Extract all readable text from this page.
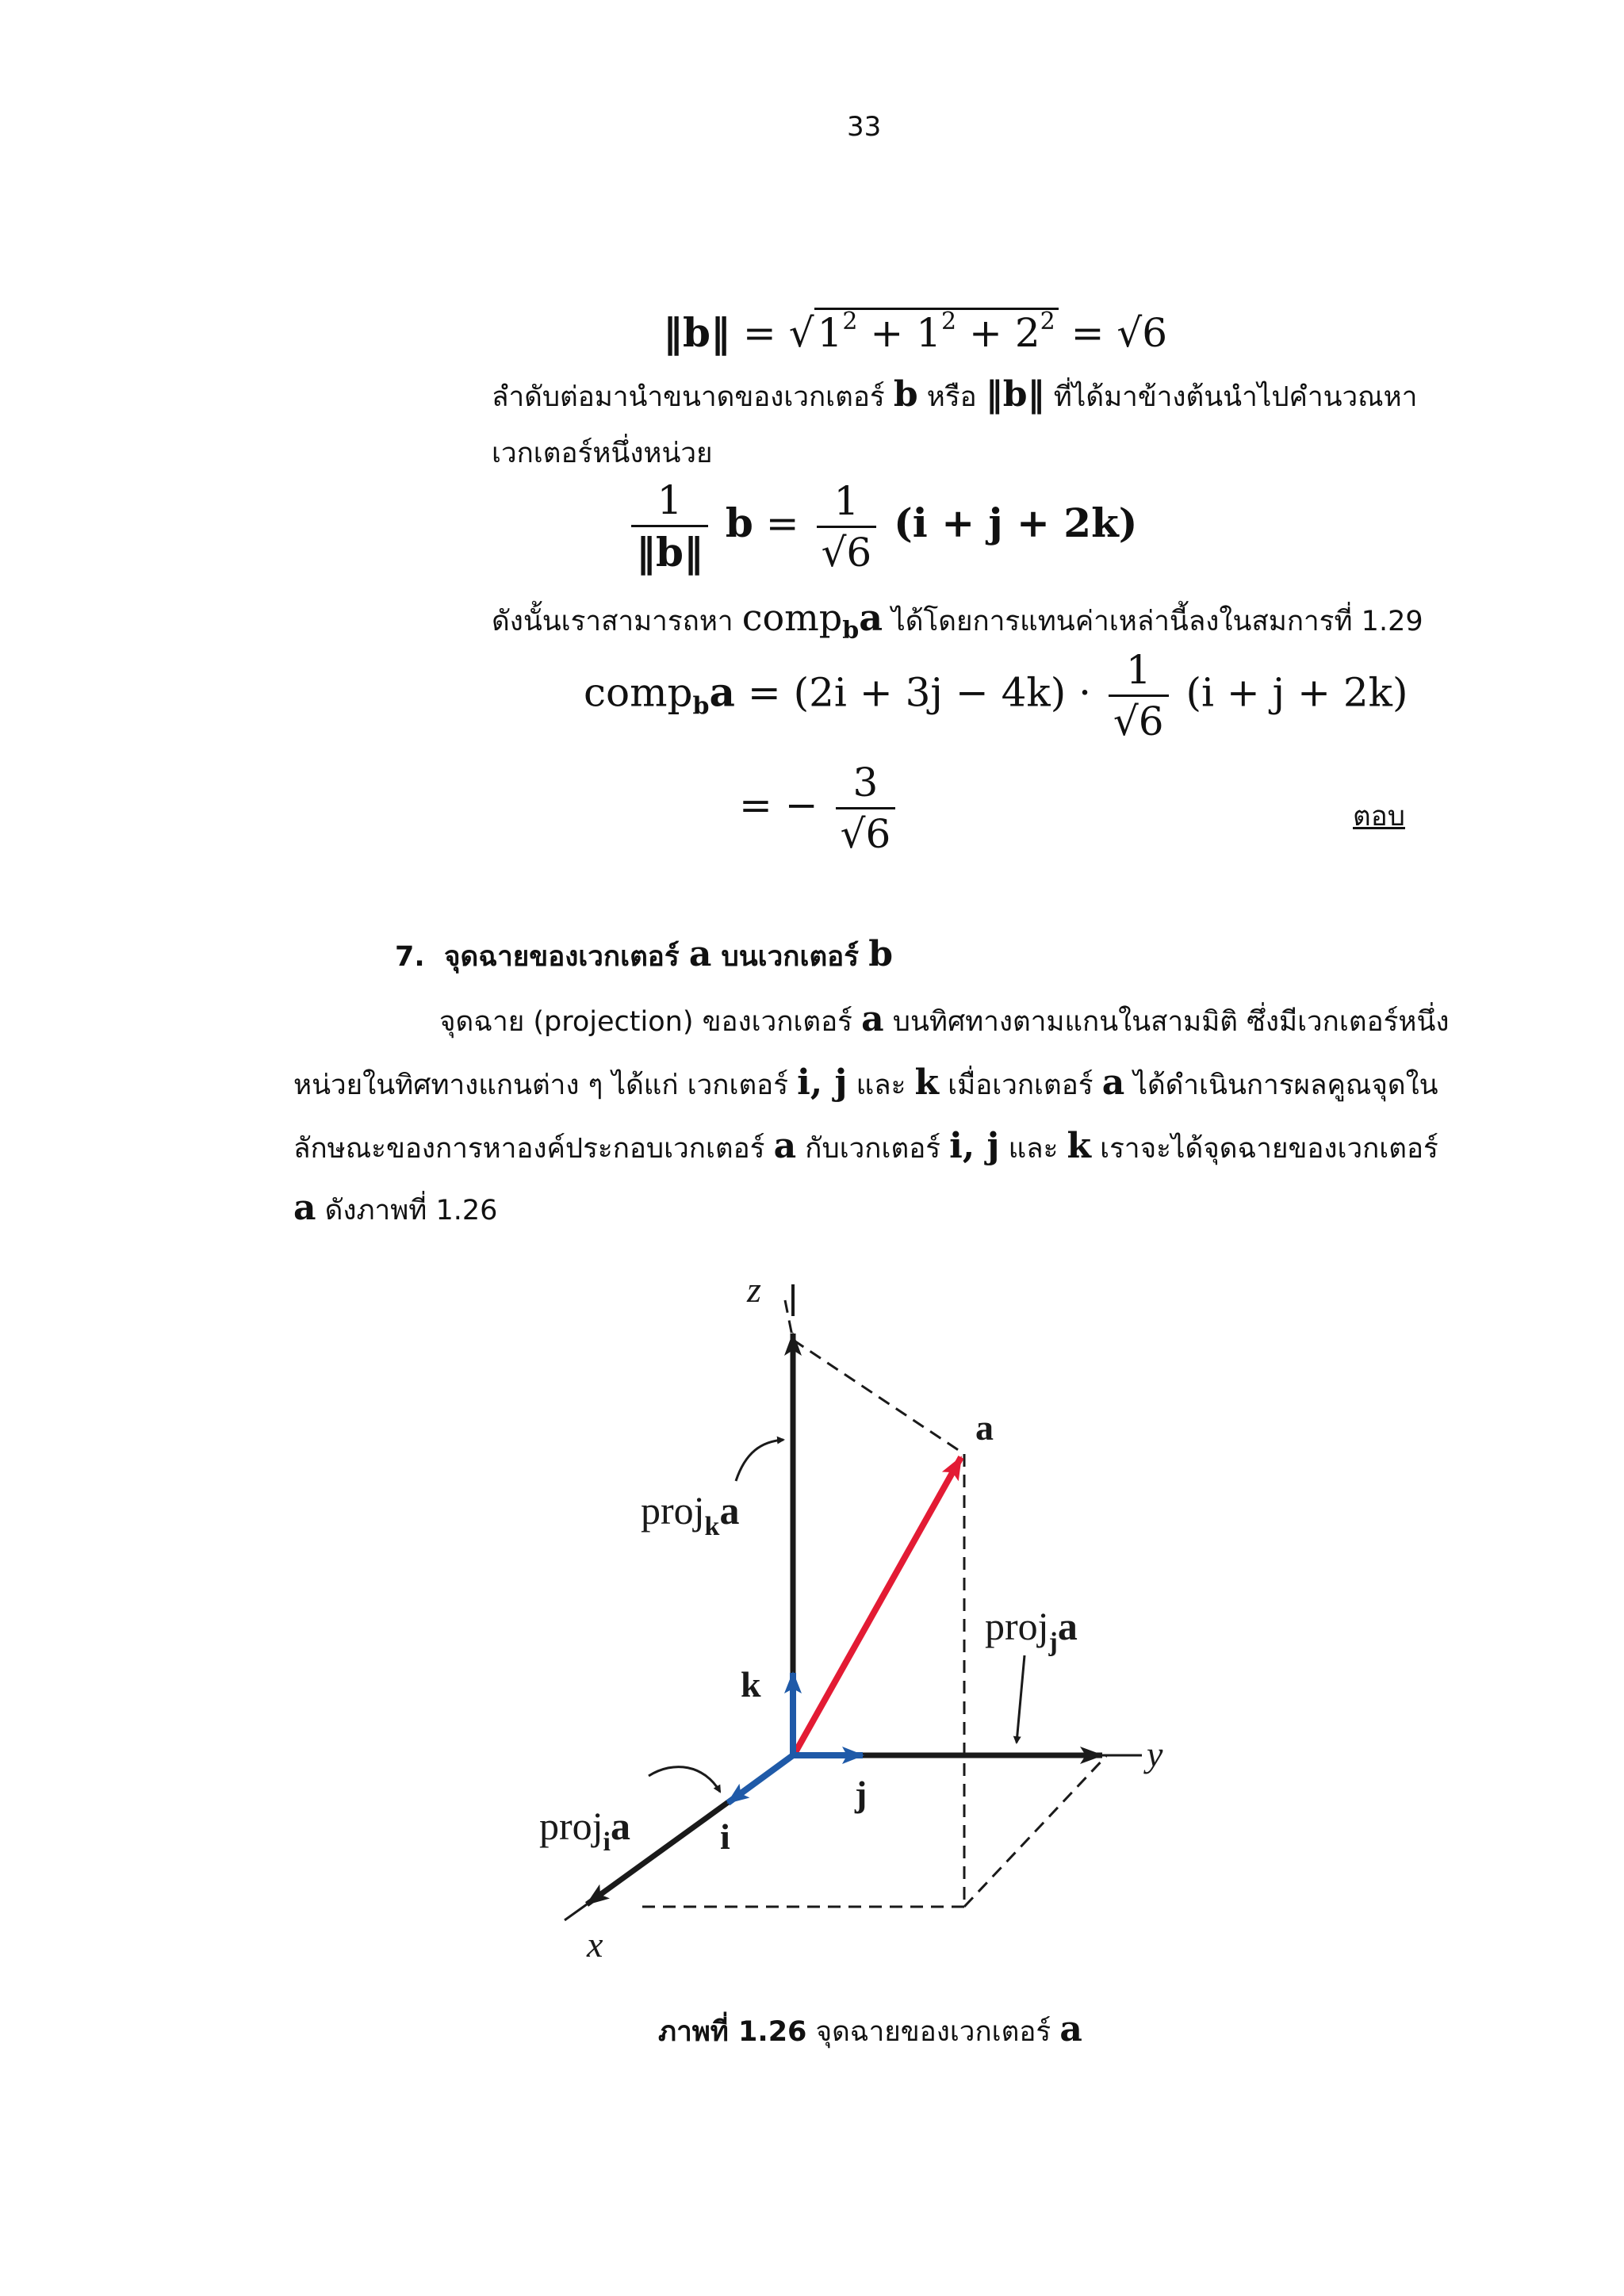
33
‖b‖ = $√1^2 + 1^2 + 2^2 = √6$
ลำดับต่อมานำขนาดของเวกเตอร์ b หรือ ‖b‖ ที่ได้มาข้างต้นนำไปคำนวณหา
เวกเตอร์หนึ่งหน่วย
$\frac{1}{‖b‖}$ $b = \frac{1}{√6} (i + j + 2k)$
ดังนั้นเราสามารถหา comp$_b$a ได้โดยการแทนค่าเหล่านี้ลงในสมการที่ 1.29
comp$_b$a = $(2i + 3j - 4k) \cdot \frac{1}{√6} (i + j + 2k)$
= − $\frac{3}{√6}$	ตอบ
7. จุดฉายของเวกเตอร์ a บนเวกเตอร์ b
จุดฉาย (projection) ของเวกเตอร์ a บนทิศทางตามแกนในสามมิติ ซึ่งมีเวกเตอร์หนึ่ง
หน่วยในทิศทางแกนต่าง ๆ ได้แก่ เวกเตอร์ i, j และ k เมื่อเวกเตอร์ a ได้ดำเนินการผลคูณจุดใน
ลักษณะของการหาองค์ประกอบเวกเตอร์ a กับเวกเตอร์ i, j และ k เราจะได้จุดฉายของเวกเตอร์
a ดังภาพที่ 1.26
z
y
x
a
k
j
i
proj$_k$a
proj$_j$a
proj$_i$a
ภาพที่ 1.26 จุดฉายของเวกเตอร์ a
